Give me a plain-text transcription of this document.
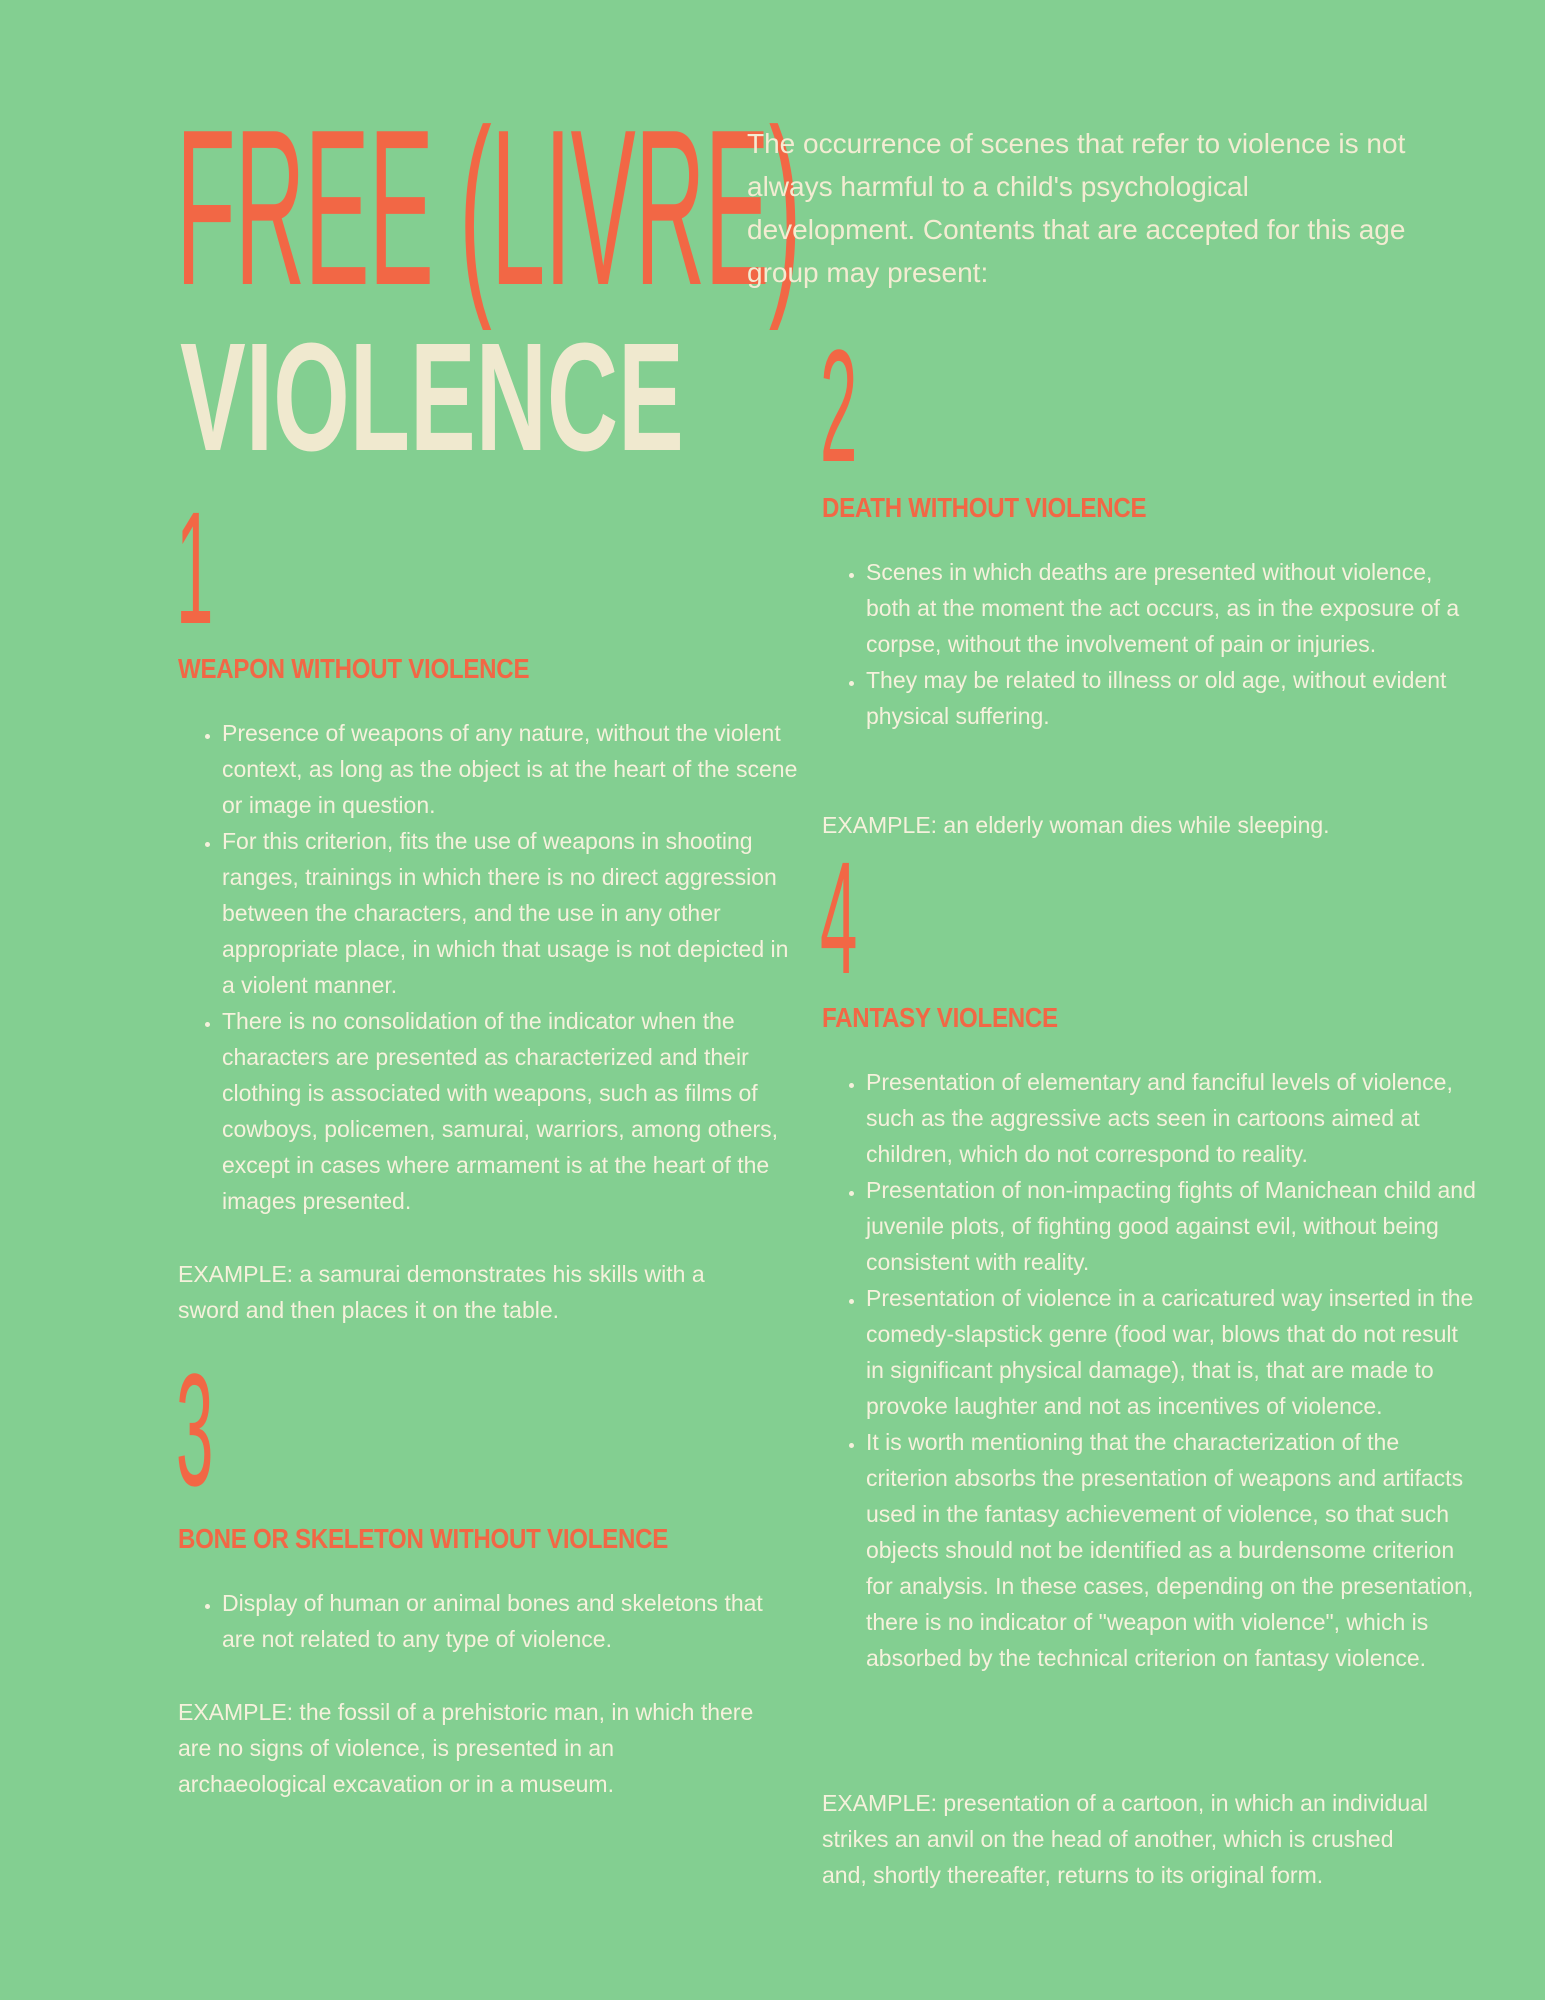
FREE (LIVRE)
VIOLENCE
The occurrence of scenes that refer to violence is not always harmful to a child's psychological development. Contents that are accepted for this age group may present:
1
WEAPON WITHOUT VIOLENCE
• Presence of weapons of any nature, without the violent context, as long as the object is at the heart of the scene or image in question.
• For this criterion, fits the use of weapons in shooting ranges, trainings in which there is no direct aggression between the characters, and the use in any other appropriate place, in which that usage is not depicted in a violent manner.
• There is no consolidation of the indicator when the characters are presented as characterized and their clothing is associated with weapons, such as films of cowboys, policemen, samurai, warriors, among others, except in cases where armament is at the heart of the images presented.
EXAMPLE: a samurai demonstrates his skills with a sword and then places it on the table.
3
BONE OR SKELETON WITHOUT VIOLENCE
• Display of human or animal bones and skeletons that are not related to any type of violence.
EXAMPLE: the fossil of a prehistoric man, in which there are no signs of violence, is presented in an archaeological excavation or in a museum.
2
DEATH WITHOUT VIOLENCE
• Scenes in which deaths are presented without violence, both at the moment the act occurs, as in the exposure of a corpse, without the involvement of pain or injuries.
• They may be related to illness or old age, without evident physical suffering.
EXAMPLE: an elderly woman dies while sleeping.
4
FANTASY VIOLENCE
• Presentation of elementary and fanciful levels of violence, such as the aggressive acts seen in cartoons aimed at children, which do not correspond to reality.
• Presentation of non-impacting fights of Manichean child and juvenile plots, of fighting good against evil, without being consistent with reality.
• Presentation of violence in a caricatured way inserted in the comedy-slapstick genre (food war, blows that do not result in significant physical damage), that is, that are made to provoke laughter and not as incentives of violence.
• It is worth mentioning that the characterization of the criterion absorbs the presentation of weapons and artifacts used in the fantasy achievement of violence, so that such objects should not be identified as a burdensome criterion for analysis. In these cases, depending on the presentation, there is no indicator of "weapon with violence", which is absorbed by the technical criterion on fantasy violence.
EXAMPLE: presentation of a cartoon, in which an individual strikes an anvil on the head of another, which is crushed and, shortly thereafter, returns to its original form.
